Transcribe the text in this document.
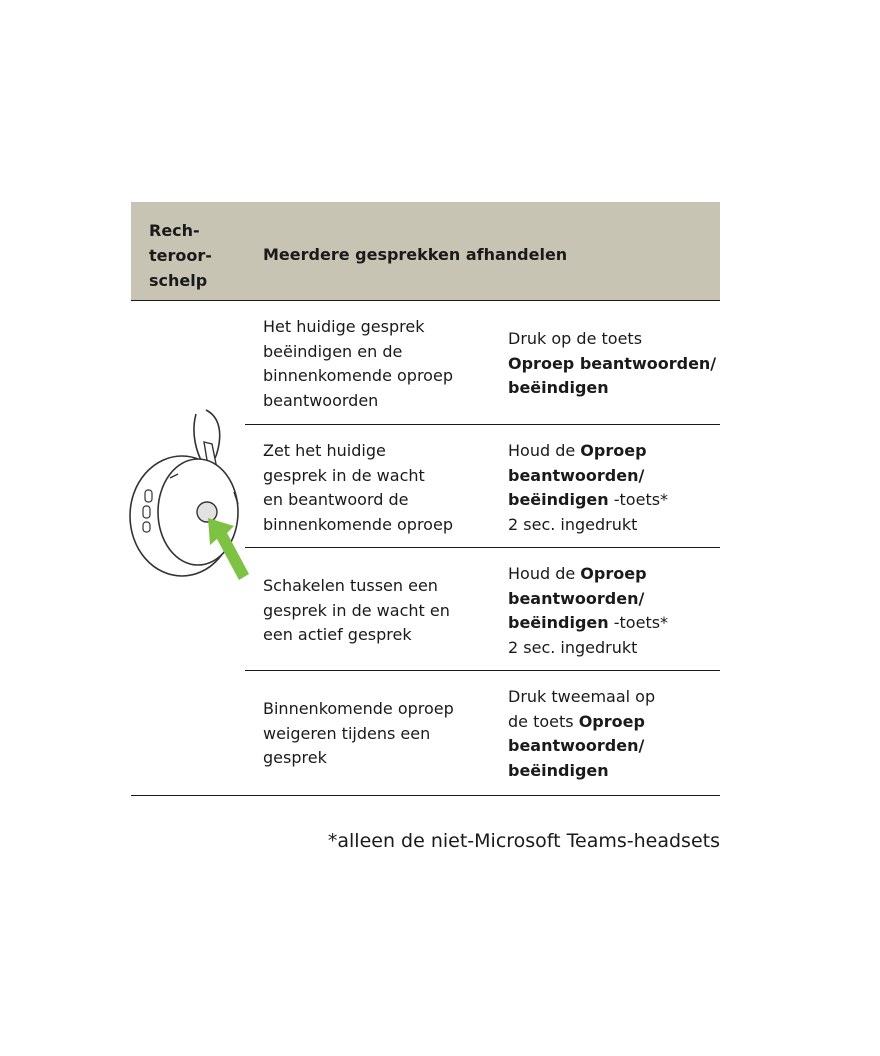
Rech-
teroor-
schelp
Meerdere gesprekken afhandelen
Het huidige gesprek
beëindigen en de
binnenkomende oproep
beantwoorden
Druk op de toets
Oproep beantwoorden/
beëindigen
Zet het huidige
gesprek in de wacht
en beantwoord de
binnenkomende oproep
Houd de Oproep
beantwoorden/
beëindigen -toets*
2 sec. ingedrukt
Schakelen tussen een
gesprek in de wacht en
een actief gesprek
Houd de Oproep
beantwoorden/
beëindigen -toets*
2 sec. ingedrukt
Binnenkomende oproep
weigeren tijdens een
gesprek
Druk tweemaal op
de toets Oproep
beantwoorden/
beëindigen
*alleen de niet-Microsoft Teams-headsets
